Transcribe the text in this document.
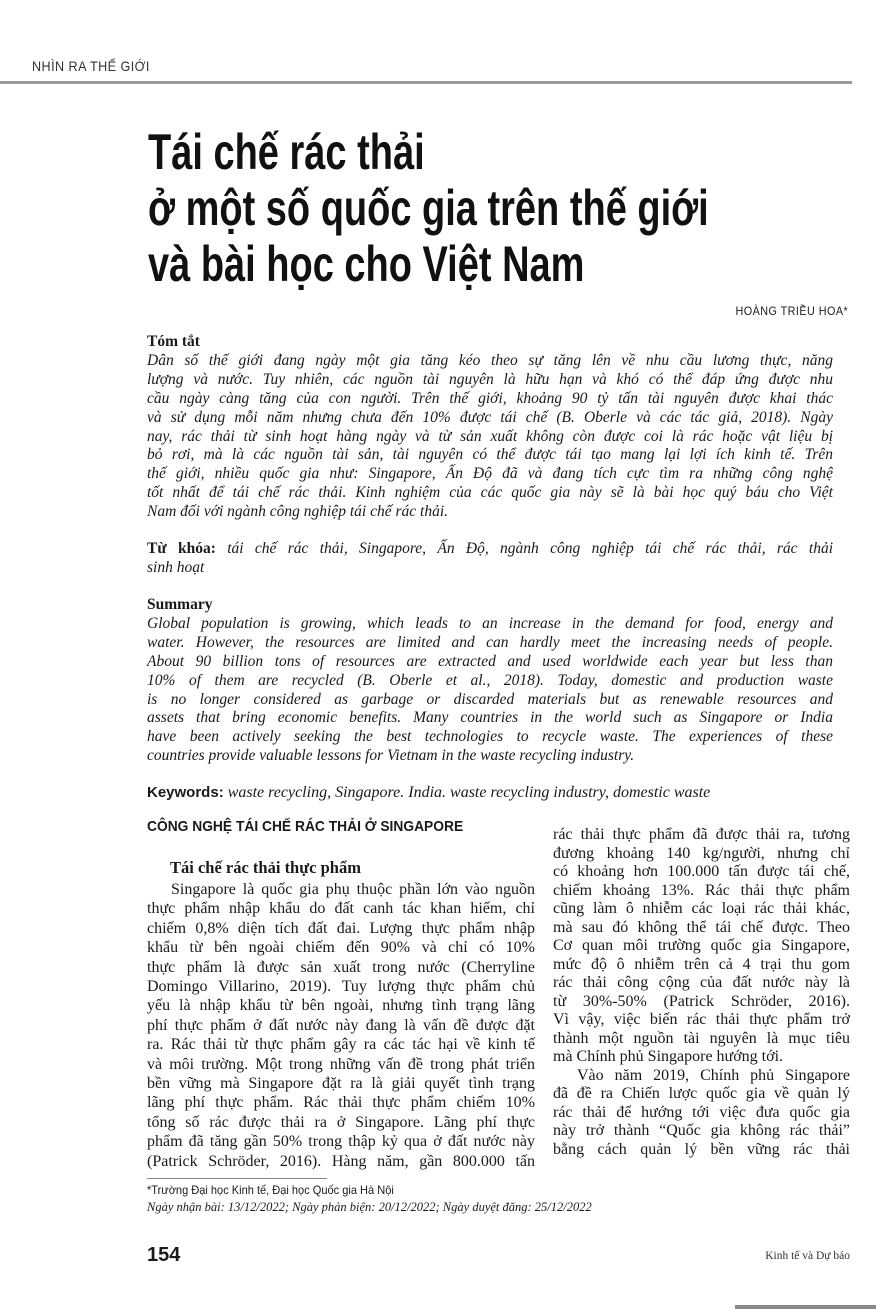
NHÌN RA THẾ GIỚI
Tái chế rác thải
ở một số quốc gia trên thế giới
và bài học cho Việt Nam
HOÀNG TRIỀU HOA*
Tóm tắt
Dân số thế giới đang ngày một gia tăng kéo theo sự tăng lên về nhu cầu lương thực, năng
lượng và nước. Tuy nhiên, các nguồn tài nguyên là hữu hạn và khó có thể đáp ứng được nhu
cầu ngày càng tăng của con người. Trên thế giới, khoảng 90 tỷ tấn tài nguyên được khai thác
và sử dụng mỗi năm nhưng chưa đến 10% được tái chế (B. Oberle và các tác giả, 2018). Ngày
nay, rác thải từ sinh hoạt hàng ngày và từ sản xuất không còn được coi là rác hoặc vật liệu bị
bỏ rơi, mà là các nguồn tài sản, tài nguyên có thể được tái tạo mang lại lợi ích kinh tế. Trên
thế giới, nhiều quốc gia như: Singapore, Ấn Độ đã và đang tích cực tìm ra những công nghệ
tốt nhất để tái chế rác thải. Kinh nghiệm của các quốc gia này sẽ là bài học quý báu cho Việt
Nam đối với ngành công nghiệp tái chế rác thải.
Từ khóa: tái chế rác thải, Singapore, Ấn Độ, ngành công nghiệp tái chế rác thải, rác thải
sinh hoạt
Summary
Global population is growing, which leads to an increase in the demand for food, energy and
water. However, the resources are limited and can hardly meet the increasing needs of people.
About 90 billion tons of resources are extracted and used worldwide each year but less than
10% of them are recycled (B. Oberle et al., 2018). Today, domestic and production waste
is no longer considered as garbage or discarded materials but as renewable resources and
assets that bring economic benefits. Many countries in the world such as Singapore or India
have been actively seeking the best technologies to recycle waste. The experiences of these
countries provide valuable lessons for Vietnam in the waste recycling industry.
Keywords: waste recycling, Singapore. India. waste recycling industry, domestic waste
CÔNG NGHỆ TÁI CHẾ RÁC THẢI Ở SINGAPORE
Tái chế rác thải thực phẩm
Singapore là quốc gia phụ thuộc phần lớn vào nguồn
thực phẩm nhập khẩu do đất canh tác khan hiếm, chỉ
chiếm 0,8% diện tích đất đai. Lượng thực phẩm nhập
khẩu từ bên ngoài chiếm đến 90% và chỉ có 10%
thực phẩm là được sản xuất trong nước (Cherryline
Domingo Villarino, 2019). Tuy lượng thực phẩm chủ
yếu là nhập khẩu từ bên ngoài, nhưng tình trạng lãng
phí thực phẩm ở đất nước này đang là vấn đề được đặt
ra. Rác thải từ thực phẩm gây ra các tác hại về kinh tế
và môi trường. Một trong những vấn đề trong phát triển
bền vững mà Singapore đặt ra là giải quyết tình trạng
lãng phí thực phẩm. Rác thải thực phẩm chiếm 10%
tổng số rác được thải ra ở Singapore. Lãng phí thực
phẩm đã tăng gần 50% trong thập kỷ qua ở đất nước này
(Patrick Schröder, 2016). Hàng năm, gần 800.000 tấn
rác thải thực phẩm đã được thải ra, tương
đương khoảng 140 kg/người, nhưng chỉ
có khoảng hơn 100.000 tấn được tái chế,
chiếm khoảng 13%. Rác thải thực phẩm
cũng làm ô nhiễm các loại rác thải khác,
mà sau đó không thể tái chế được. Theo
Cơ quan môi trường quốc gia Singapore,
mức độ ô nhiễm trên cả 4 trại thu gom
rác thải công cộng của đất nước này là
từ 30%-50% (Patrick Schröder, 2016).
Vì vậy, việc biến rác thải thực phẩm trở
thành một nguồn tài nguyên là mục tiêu
mà Chính phủ Singapore hướng tới.
Vào năm 2019, Chính phủ Singapore
đã đề ra Chiến lược quốc gia về quản lý
rác thải để hướng tới việc đưa quốc gia
này trở thành “Quốc gia không rác thải”
bằng cách quản lý bền vững rác thải
*Trường Đại học Kinh tế, Đại học Quốc gia Hà Nội
Ngày nhận bài: 13/12/2022; Ngày phản biện: 20/12/2022; Ngày duyệt đăng: 25/12/2022
154	Kinh tế và Dự báo
